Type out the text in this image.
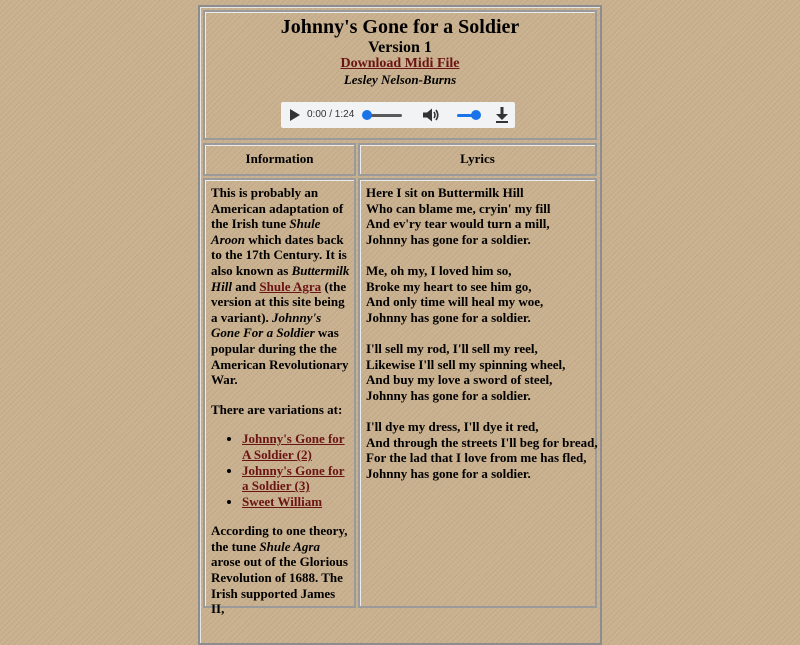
Johnny's Gone for a Soldier
Version 1
Download Midi File
Lesley Nelson-Burns
0:00 / 1:24
Information	Lyrics

This is probably an American adaptation of the Irish tune Shule Aroon which dates back to the 17th Century. It is also known as Buttermilk Hill and Shule Agra (the version at this site being a variant). Johnny's Gone For a Soldier was popular during the the American Revolutionary War.

There are variations at:

• Johnny's Gone for A Soldier (2)
• Johnny's Gone for a Soldier (3)
• Sweet William

According to one theory, the tune Shule Agra arose out of the Glorious Revolution of 1688. The Irish supported James II,

Here I sit on Buttermilk Hill
Who can blame me, cryin' my fill
And ev'ry tear would turn a mill,
Johnny has gone for a soldier.
Me, oh my, I loved him so,
Broke my heart to see him go,
And only time will heal my woe,
Johnny has gone for a soldier.
I'll sell my rod, I'll sell my reel,
Likewise I'll sell my spinning wheel,
And buy my love a sword of steel,
Johnny has gone for a soldier.
I'll dye my dress, I'll dye it red,
And through the streets I'll beg for bread,
For the lad that I love from me has fled,
Johnny has gone for a soldier.
